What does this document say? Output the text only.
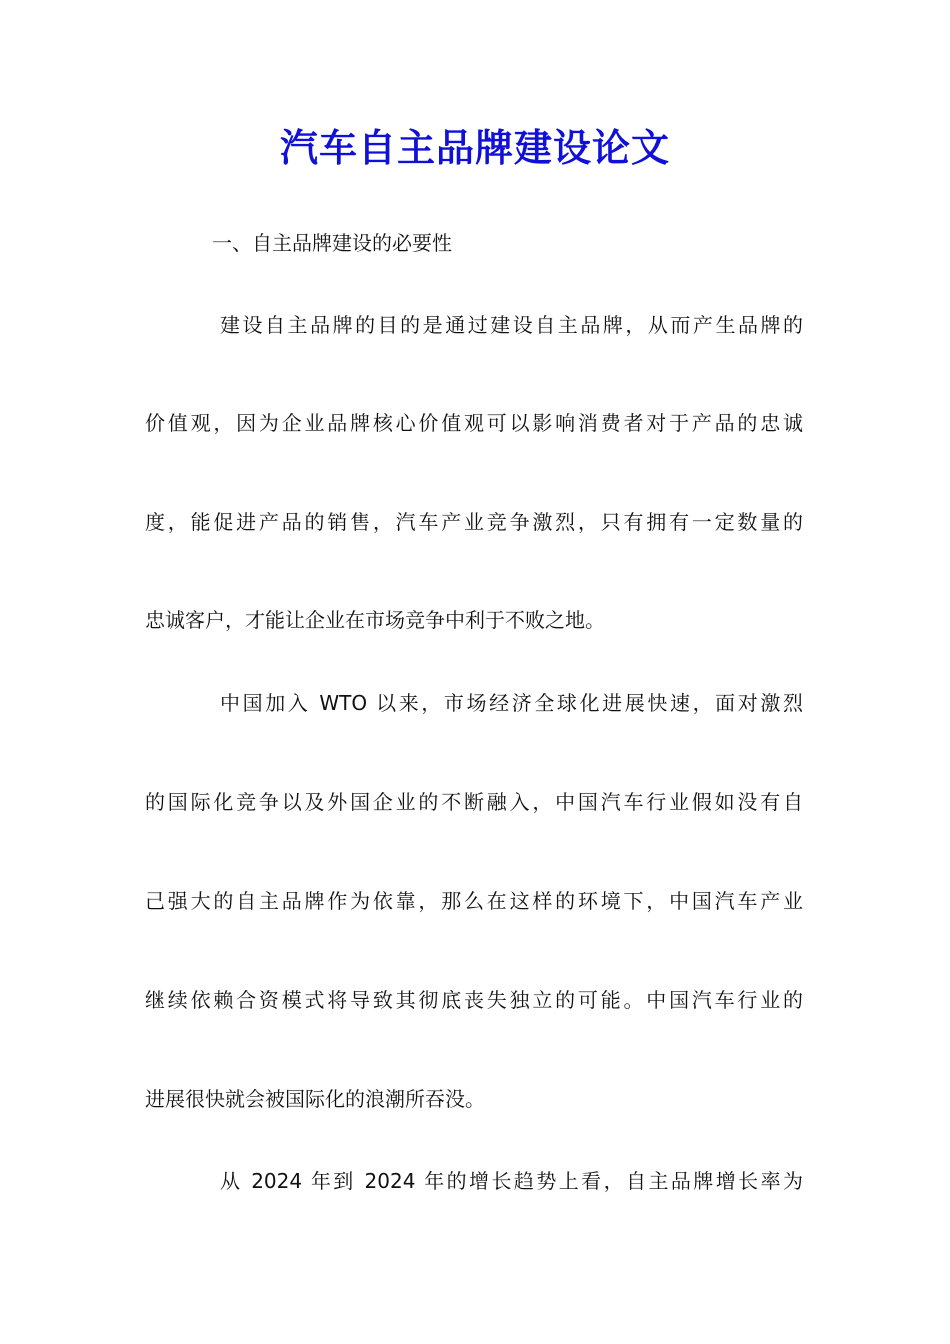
汽车自主品牌建设论文

一、自主品牌建设的必要性

建设自主品牌的目的是通过建设自主品牌，从而产生品牌的

价值观，因为企业品牌核心价值观可以影响消费者对于产品的忠诚

度，能促进产品的销售，汽车产业竞争激烈，只有拥有一定数量的

忠诚客户，才能让企业在市场竞争中利于不败之地。

中国加入 WTO 以来，市场经济全球化进展快速，面对激烈

的国际化竞争以及外国企业的不断融入，中国汽车行业假如没有自

己强大的自主品牌作为依靠，那么在这样的环境下，中国汽车产业

继续依赖合资模式将导致其彻底丧失独立的可能。中国汽车行业的

进展很快就会被国际化的浪潮所吞没。

从 2024 年到 2024 年的增长趋势上看，自主品牌增长率为
